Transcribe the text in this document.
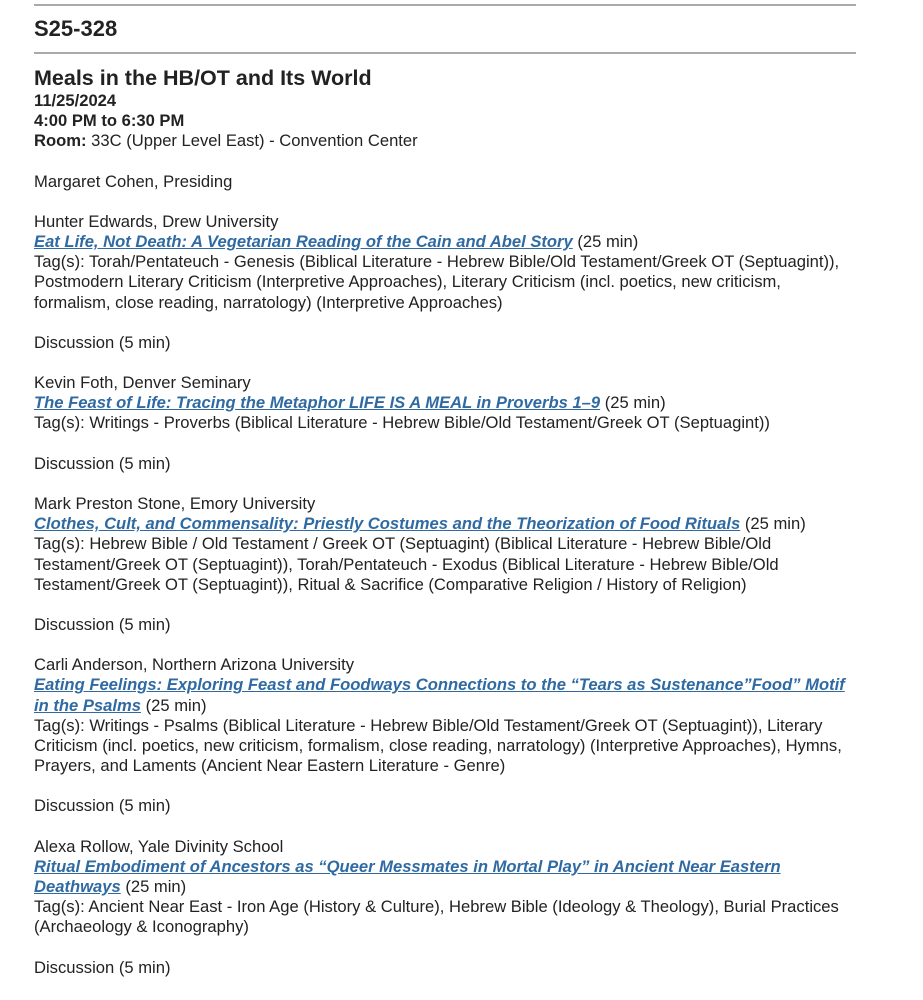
S25-328
Meals in the HB/OT and Its World
11/25/2024
4:00 PM to 6:30 PM
Room: 33C (Upper Level East) - Convention Center
Margaret Cohen, Presiding
Hunter Edwards, Drew University
Eat Life, Not Death: A Vegetarian Reading of the Cain and Abel Story (25 min)
Tag(s): Torah/Pentateuch - Genesis (Biblical Literature - Hebrew Bible/Old Testament/Greek OT (Septuagint)), Postmodern Literary Criticism (Interpretive Approaches), Literary Criticism (incl. poetics, new criticism, formalism, close reading, narratology) (Interpretive Approaches)
Discussion (5 min)
Kevin Foth, Denver Seminary
The Feast of Life: Tracing the Metaphor LIFE IS A MEAL in Proverbs 1–9 (25 min)
Tag(s): Writings - Proverbs (Biblical Literature - Hebrew Bible/Old Testament/Greek OT (Septuagint))
Discussion (5 min)
Mark Preston Stone, Emory University
Clothes, Cult, and Commensality: Priestly Costumes and the Theorization of Food Rituals (25 min)
Tag(s): Hebrew Bible / Old Testament / Greek OT (Septuagint) (Biblical Literature - Hebrew Bible/Old Testament/Greek OT (Septuagint)), Torah/Pentateuch - Exodus (Biblical Literature - Hebrew Bible/Old Testament/Greek OT (Septuagint)), Ritual & Sacrifice (Comparative Religion / History of Religion)
Discussion (5 min)
Carli Anderson, Northern Arizona University
Eating Feelings: Exploring Feast and Foodways Connections to the “Tears as Sustenance”Food” Motif in the Psalms (25 min)
Tag(s): Writings - Psalms (Biblical Literature - Hebrew Bible/Old Testament/Greek OT (Septuagint)), Literary Criticism (incl. poetics, new criticism, formalism, close reading, narratology) (Interpretive Approaches), Hymns, Prayers, and Laments (Ancient Near Eastern Literature - Genre)
Discussion (5 min)
Alexa Rollow, Yale Divinity School
Ritual Embodiment of Ancestors as “Queer Messmates in Mortal Play” in Ancient Near Eastern Deathways (25 min)
Tag(s): Ancient Near East - Iron Age (History & Culture), Hebrew Bible (Ideology & Theology), Burial Practices (Archaeology & Iconography)
Discussion (5 min)
